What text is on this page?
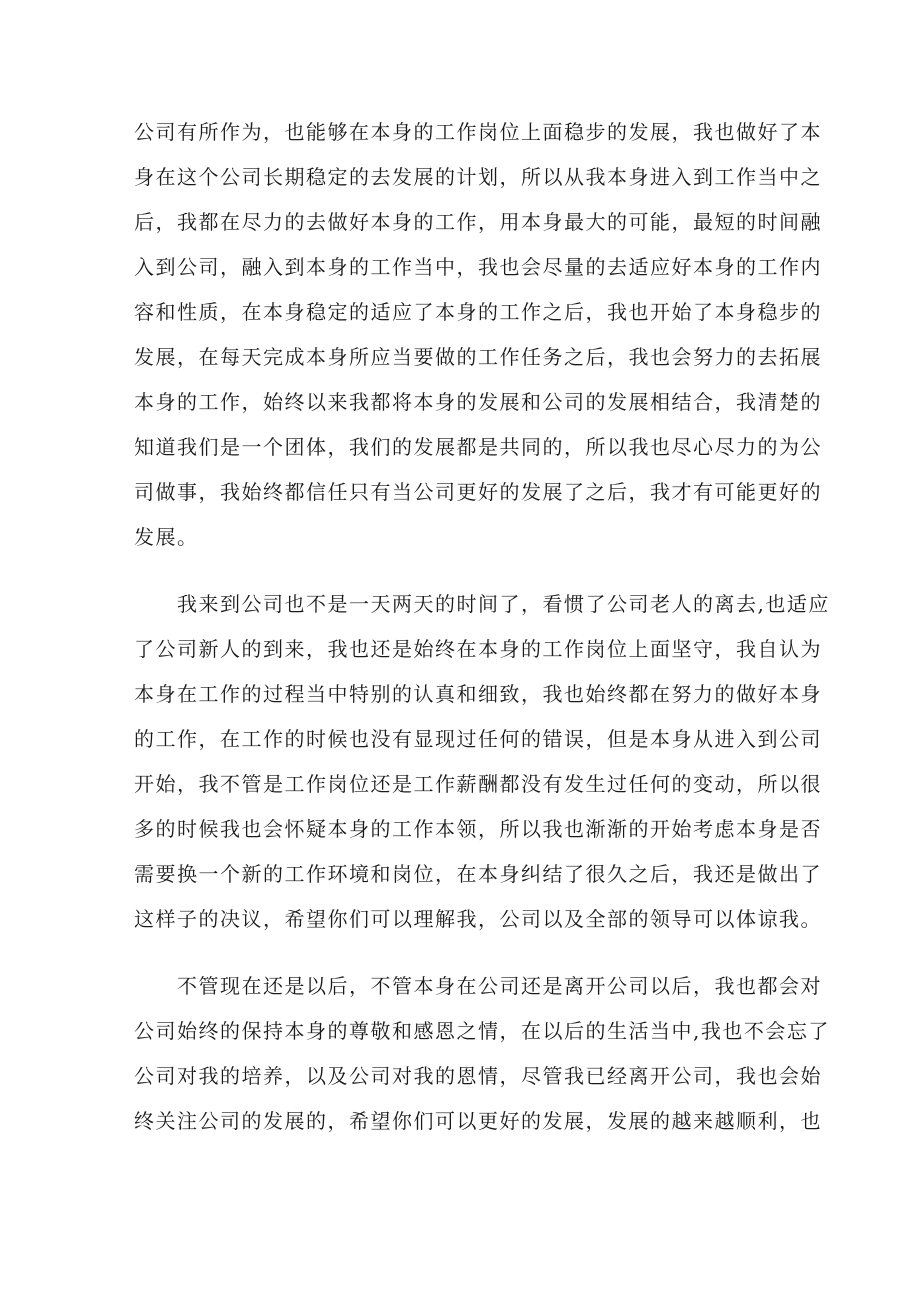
公司有所作为，也能够在本身的工作岗位上面稳步的发展，我也做好了本
身在这个公司长期稳定的去发展的计划，所以从我本身进入到工作当中之
后，我都在尽力的去做好本身的工作，用本身最大的可能，最短的时间融
入到公司，融入到本身的工作当中，我也会尽量的去适应好本身的工作内
容和性质，在本身稳定的适应了本身的工作之后，我也开始了本身稳步的
发展，在每天完成本身所应当要做的工作任务之后，我也会努力的去拓展
本身的工作，始终以来我都将本身的发展和公司的发展相结合，我清楚的
知道我们是一个团体，我们的发展都是共同的，所以我也尽心尽力的为公
司做事，我始终都信任只有当公司更好的发展了之后，我才有可能更好的
发展。
我来到公司也不是一天两天的时间了，看惯了公司老人的离去,也适应
了公司新人的到来，我也还是始终在本身的工作岗位上面坚守，我自认为
本身在工作的过程当中特别的认真和细致，我也始终都在努力的做好本身
的工作，在工作的时候也没有显现过任何的错误，但是本身从进入到公司
开始，我不管是工作岗位还是工作薪酬都没有发生过任何的变动，所以很
多的时候我也会怀疑本身的工作本领，所以我也渐渐的开始考虑本身是否
需要换一个新的工作环境和岗位，在本身纠结了很久之后，我还是做出了
这样子的决议，希望你们可以理解我，公司以及全部的领导可以体谅我。
不管现在还是以后，不管本身在公司还是离开公司以后，我也都会对
公司始终的保持本身的尊敬和感恩之情，在以后的生活当中,我也不会忘了
公司对我的培养，以及公司对我的恩情，尽管我已经离开公司，我也会始
终关注公司的发展的，希望你们可以更好的发展，发展的越来越顺利，也
